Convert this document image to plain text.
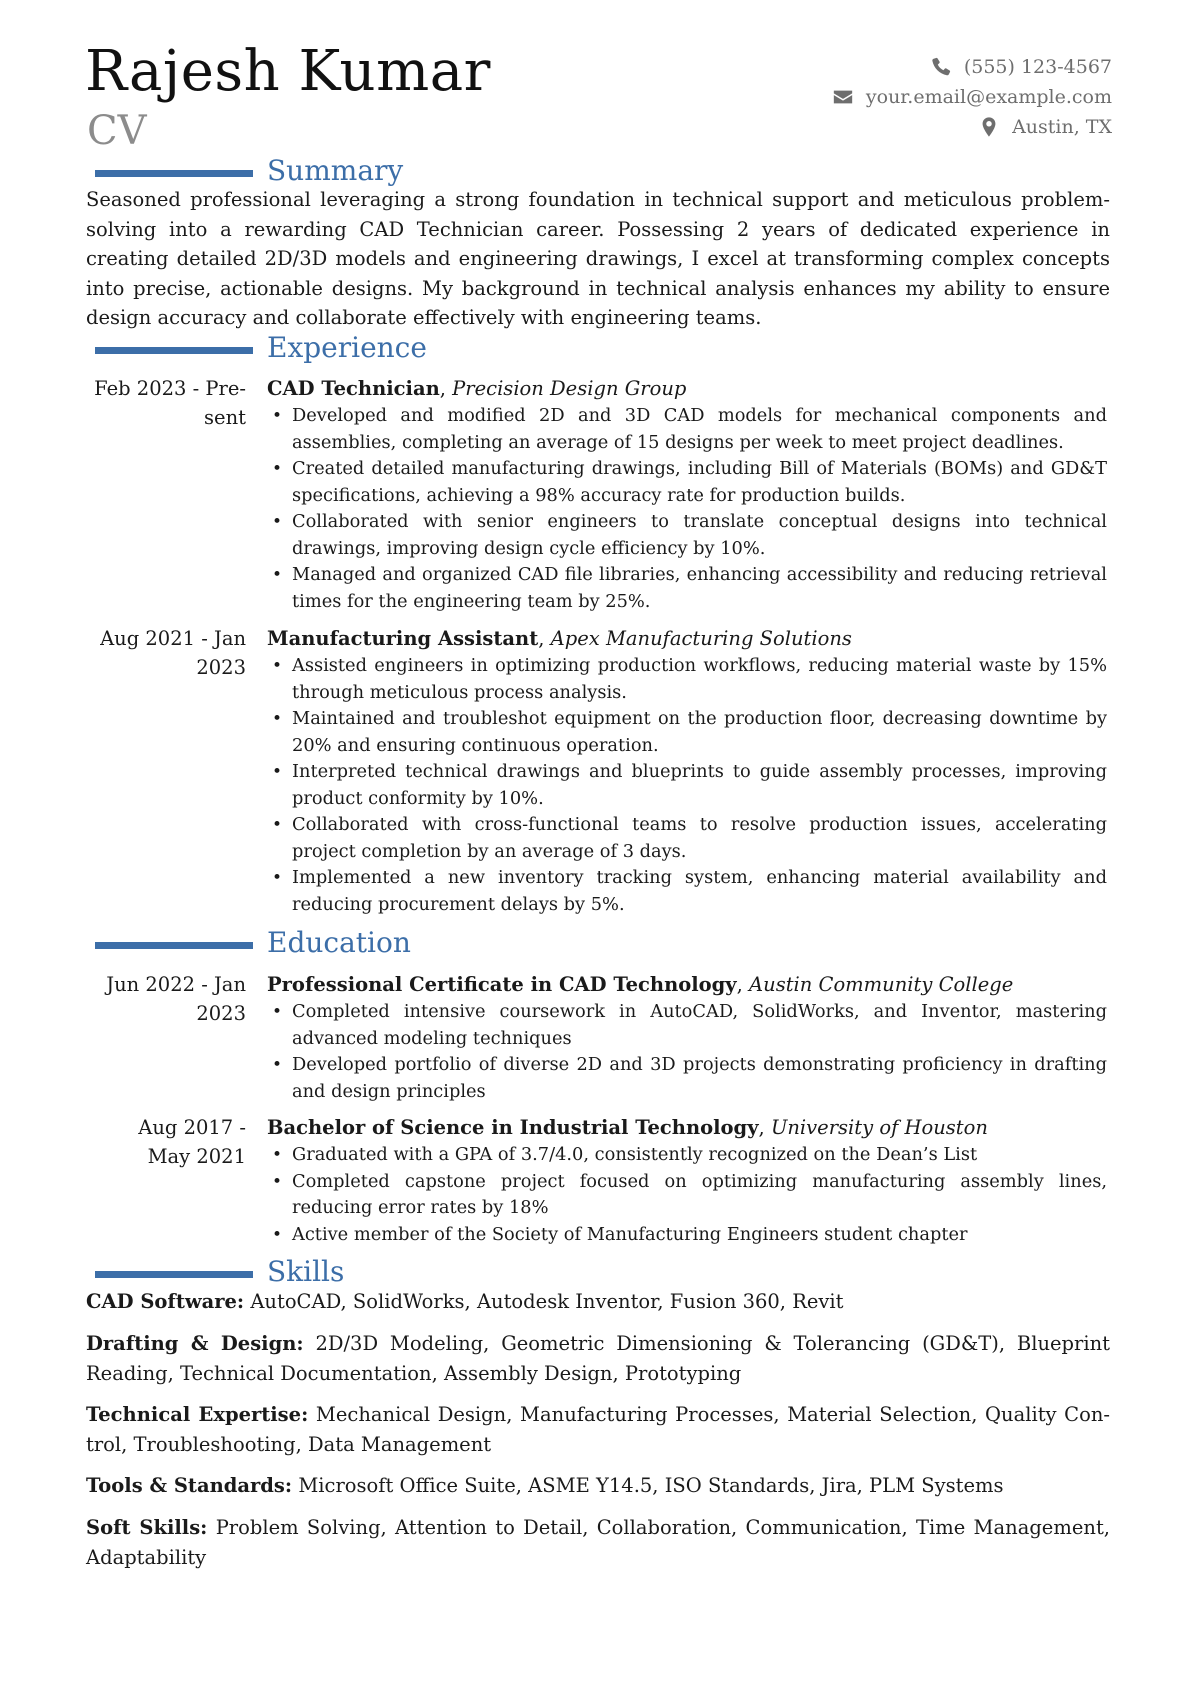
Rajesh Kumar
CV
(555) 123-4567
your.email@example.com
Austin, TX
Summary

Seasoned professional leveraging a strong foundation in technical support and meticulous problem-solving into a rewarding CAD Technician career. Possessing 2 years of dedicated experience in creating detailed 2D/3D models and engineering drawings, I excel at transforming complex concepts into precise, actionable designs. My background in technical analysis enhances my ability to ensure design accuracy and collaborate effectively with engineering teams.

Experience
Feb 2023 - Pre-
sent
CAD Technician, Precision Design Group
• Developed and modified 2D and 3D CAD models for mechanical components and assemblies, completing an average of 15 designs per week to meet project deadlines.
• Created detailed manufacturing drawings, including Bill of Materials (BOMs) and GD&T specifications, achieving a 98% accuracy rate for production builds.
• Collaborated with senior engineers to translate conceptual designs into technical drawings, improving design cycle efficiency by 10%.
• Managed and organized CAD file libraries, enhancing accessibility and reducing retrieval times for the engineering team by 25%.
Aug 2021 - Jan
2023
Manufacturing Assistant, Apex Manufacturing Solutions
• Assisted engineers in optimizing production workflows, reducing material waste by 15% through meticulous process analysis.
• Maintained and troubleshot equipment on the production floor, decreasing downtime by 20% and ensuring continuous operation.
• Interpreted technical drawings and blueprints to guide assembly processes, improving product conformity by 10%.
• Collaborated with cross-functional teams to resolve production issues, accelerating project completion by an average of 3 days.
• Implemented a new inventory tracking system, enhancing material availability and reducing procurement delays by 5%.
Education
Jun 2022 - Jan
2023
Professional Certificate in CAD Technology, Austin Community College
• Completed intensive coursework in AutoCAD, SolidWorks, and Inventor, mastering advanced modeling techniques
• Developed portfolio of diverse 2D and 3D projects demonstrating proficiency in drafting and design principles
Aug 2017 -
May 2021
Bachelor of Science in Industrial Technology, University of Houston
• Graduated with a GPA of 3.7/4.0, consistently recognized on the Dean’s List
• Completed capstone project focused on optimizing manufacturing assembly lines, reducing error rates by 18%
• Active member of the Society of Manufacturing Engineers student chapter
Skills

CAD Software: AutoCAD, SolidWorks, Autodesk Inventor, Fusion 360, Revit

Drafting & Design: 2D/3D Modeling, Geometric Dimensioning & Tolerancing (GD&T), Blueprint Reading, Technical Documentation, Assembly Design, Prototyping

Technical Expertise: Mechanical Design, Manufacturing Processes, Material Selection, Quality Control, Troubleshooting, Data Management

Tools & Standards: Microsoft Office Suite, ASME Y14.5, ISO Standards, Jira, PLM Systems

Soft Skills: Problem Solving, Attention to Detail, Collaboration, Communication, Time Management, Adaptability
